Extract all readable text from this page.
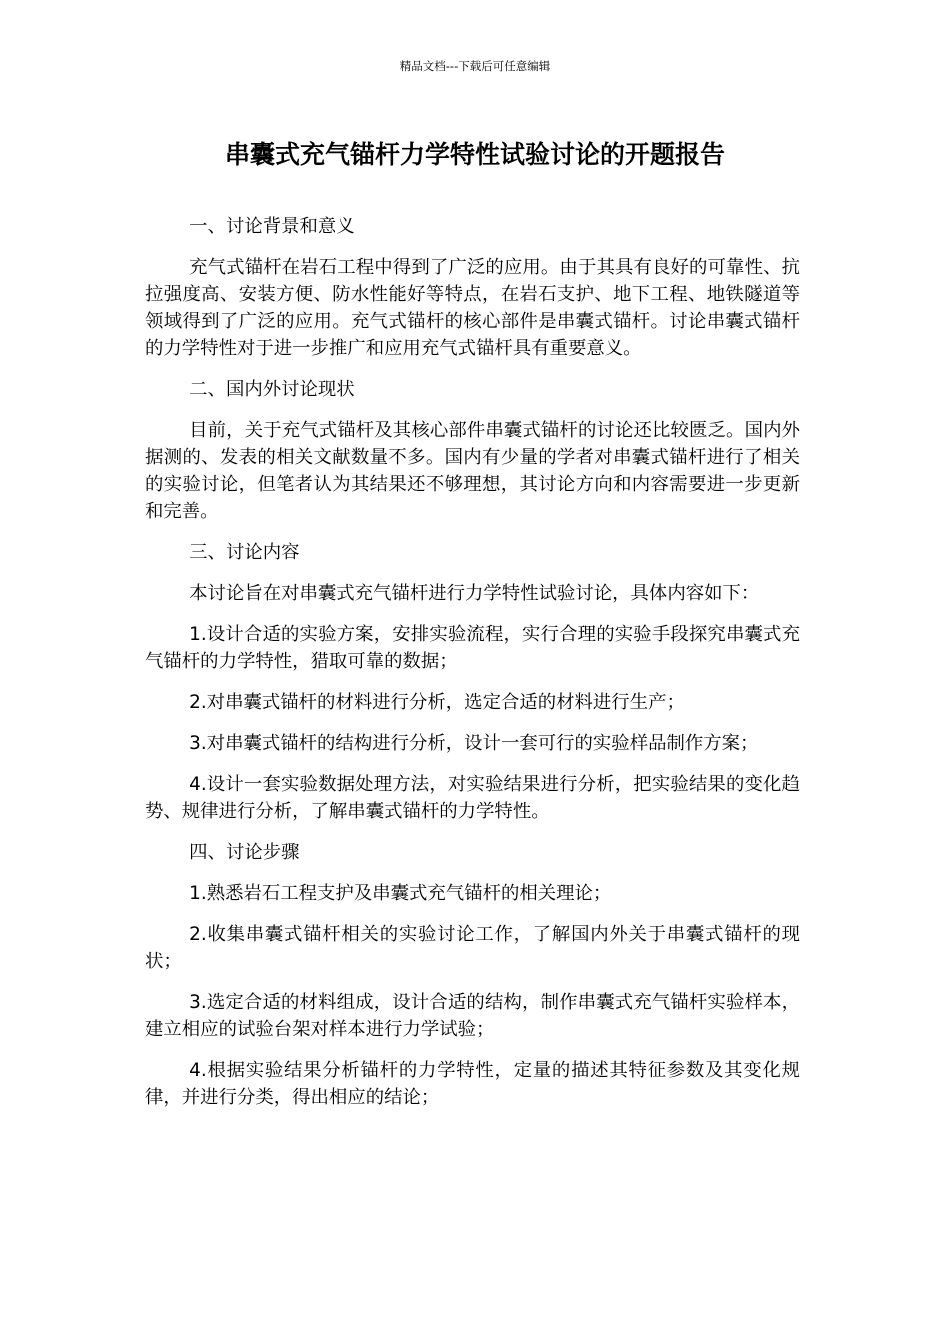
精品文档---下载后可任意编辑
串囊式充气锚杆力学特性试验讨论的开题报告

一、讨论背景和意义

充气式锚杆在岩石工程中得到了广泛的应用。由于其具有良好的可靠性、抗拉强度高、安装方便、防水性能好等特点，在岩石支护、地下工程、地铁隧道等领域得到了广泛的应用。充气式锚杆的核心部件是串囊式锚杆。讨论串囊式锚杆的力学特性对于进一步推广和应用充气式锚杆具有重要意义。

二、国内外讨论现状

目前，关于充气式锚杆及其核心部件串囊式锚杆的讨论还比较匮乏。国内外据测的、发表的相关文献数量不多。国内有少量的学者对串囊式锚杆进行了相关的实验讨论，但笔者认为其结果还不够理想，其讨论方向和内容需要进一步更新和完善。

三、讨论内容

本讨论旨在对串囊式充气锚杆进行力学特性试验讨论，具体内容如下：

1.设计合适的实验方案，安排实验流程，实行合理的实验手段探究串囊式充气锚杆的力学特性，猎取可靠的数据；

2.对串囊式锚杆的材料进行分析，选定合适的材料进行生产；

3.对串囊式锚杆的结构进行分析，设计一套可行的实验样品制作方案；

4.设计一套实验数据处理方法，对实验结果进行分析，把实验结果的变化趋势、规律进行分析，了解串囊式锚杆的力学特性。

四、讨论步骤

1.熟悉岩石工程支护及串囊式充气锚杆的相关理论；

2.收集串囊式锚杆相关的实验讨论工作，了解国内外关于串囊式锚杆的现状；

3.选定合适的材料组成，设计合适的结构，制作串囊式充气锚杆实验样本，建立相应的试验台架对样本进行力学试验；

4.根据实验结果分析锚杆的力学特性，定量的描述其特征参数及其变化规律，并进行分类，得出相应的结论；
